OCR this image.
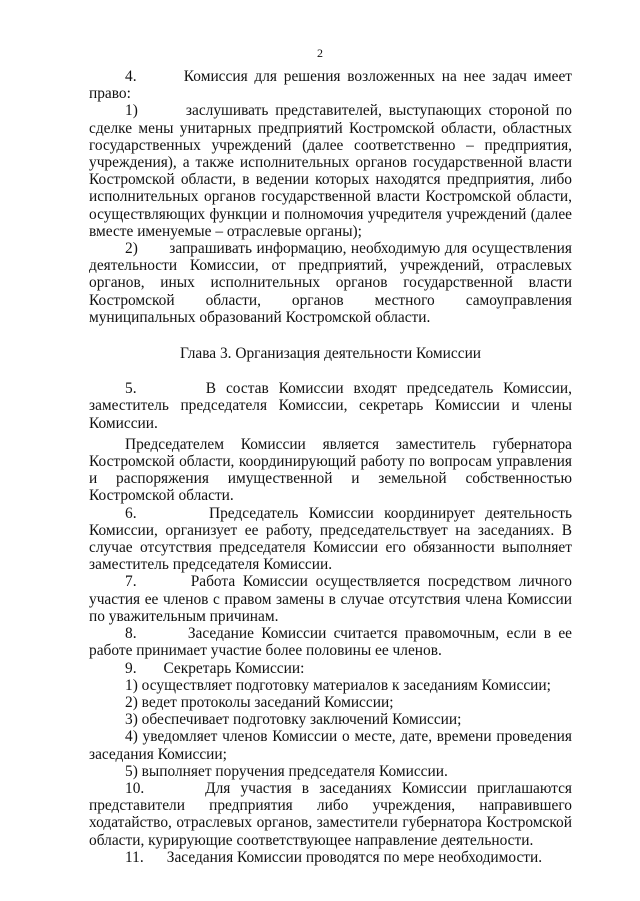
2

4.       Комиссия для решения возложенных на нее задач имеет право:

1)       заслушивать представителей, выступающих стороной по сделке мены унитарных предприятий Костромской области, областных государственных учреждений (далее соответственно – предприятия, учреждения), а также исполнительных органов государственной власти Костромской области, в ведении которых находятся предприятия, либо исполнительных органов государственной власти Костромской области, осуществляющих функции и полномочия учредителя учреждений (далее вместе именуемые – отраслевые органы);

2)       запрашивать информацию, необходимую для осуществления деятельности Комиссии, от предприятий, учреждений, отраслевых органов, иных исполнительных органов государственной власти Костромской области, органов местного самоуправления муниципальных образований Костромской области.

Глава 3. Организация деятельности Комиссии

5.       В состав Комиссии входят председатель Комиссии, заместитель председателя Комиссии, секретарь Комиссии и члены Комиссии.

Председателем Комиссии является заместитель губернатора Костромской области, координирующий работу по вопросам управления и распоряжения имущественной и земельной собственностью Костромской области.

6.       Председатель Комиссии координирует деятельность Комиссии, организует ее работу, председательствует на заседаниях. В случае отсутствия председателя Комиссии его обязанности выполняет заместитель председателя Комиссии.

7.       Работа Комиссии осуществляется посредством личного участия ее членов с правом замены в случае отсутствия члена Комиссии по уважительным причинам.

8.       Заседание Комиссии считается правомочным, если в ее работе принимает участие более половины ее членов.

9.       Секретарь Комиссии:

1) осуществляет подготовку материалов к заседаниям Комиссии;

2) ведет протоколы заседаний Комиссии;

3) обеспечивает подготовку заключений Комиссии;

4) уведомляет членов Комиссии о месте, дате, времени проведения заседания Комиссии;

5) выполняет поручения председателя Комиссии.

10.      Для участия в заседаниях Комиссии приглашаются представители предприятия либо учреждения, направившего ходатайство, отраслевых органов, заместители губернатора Костромской области, курирующие соответствующее направление деятельности.

11.      Заседания Комиссии проводятся по мере необходимости.
